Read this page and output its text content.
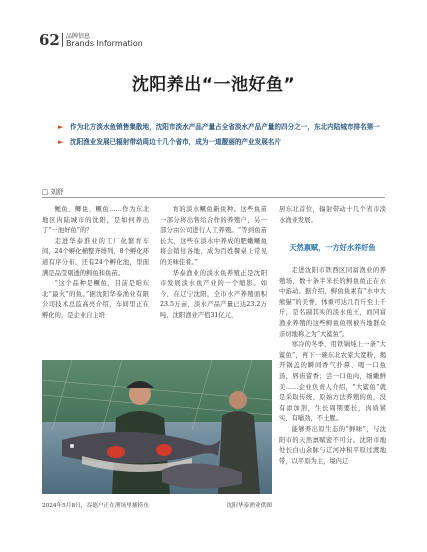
62 品牌信息
Brands Information
沈阳养出“一池好鱼”
► 作为北方淡水鱼销售集散地，沈阳市淡水产品产量占全省淡水产品产量的四分之一，东北内陆城市排名第一
► 沈阳渔业发展已辐射带动周边十几个省市，成为一道靓丽的产业发展名片
□ 刘舒

鲤鱼、鲫鱼、鳜鱼……作为东北地区内陆城市的沈阳，是如何养出了“一池好鱼”的？

走进华泰淮业的工厂化繁育车间，24个孵化桶整齐排列、8个孵化环道有序分布，还有24个孵化池，里面满是品莹剔透的鲟鱼和鱼苗。

“这个品种是鳜鱼，目前是咱东北“最火”的鱼。”据沈阳华泰渔业有限公司技术总监高亮介绍，车间里正在孵化的，是企业自主培

育的淡水鳜鱼新鱼种。这些鱼苗一部分将出售给合作的养殖户，另一部分由公司进行人工养殖。“等到鱼苗长大，这些在淡水中养成的肥嫩鳜鱼将会销往各地，成为百姓餐桌上常见的美味佳肴。”

华泰渔业的淡水鱼养殖正是沈阳市发展淡水鱼产业的一个缩影。如今，在辽宁沈阳，全市水产养殖面积23.5万亩，淡水产品产量已达23.2万吨，沈阳渔业产值31亿元，

居东北首位，辐射带动十几个省市淡水渔业发展。

天然禀赋，一方好水养好鱼

走进沈阳市铁西区同富渔业的养殖场，数十条半米长的鲟鱼鱼正在水中游动。据介绍，鲟鱼鱼素有“水中大熊猫”的美誉，体重可达几百斤至上千斤，是名副其实的淡水鱼王，而同富渔业养殖的这些鲟鱼鱼则被当地群众亲切地称之为“大鲨鱼”。

寒冷的冬季，用铁锅炖上一条“大鲨鱼”，再下一碗东北农家大宽粉，揭开锅盖的瞬间香气扑鼻、喝一口鱼汤，唇齿留香；尝一口鱼肉，细嫩鲜美……企业负责人介绍，“大鲨鱼”就是采取传统、原始方法养殖的鱼，没有添加剂，生长周期要长，肉质紧实、有嚼劲，不土腥。

能够养出原生态的“鲜味”，与沈阳市的天然禀赋密不可分。沈阳市地处长白山余脉与辽河冲积平原过渡地带，以平原为主，境内辽

2024年5月8日，吞德户正在渔场里捕捞鱼	沈阳华泰渔业供图
